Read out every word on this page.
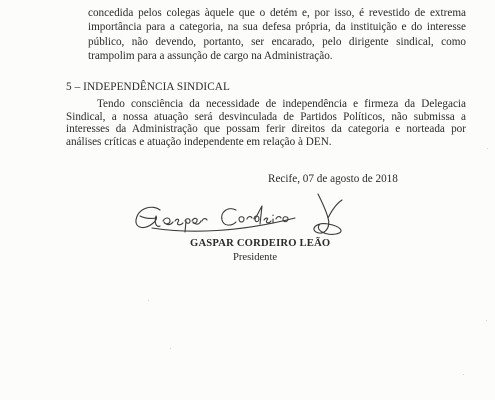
concedida pelos colegas àquele que o detém e, por isso, é revestido de extrema importância para a categoria, na sua defesa própria, da instituição e do interesse público, não devendo, portanto, ser encarado, pelo dirigente sindical, como trampolim para a assunção de cargo na Administração.

5 – INDEPENDÊNCIA SINDICAL

Tendo consciência da necessidade de independência e firmeza da Delegacia Sindical, a nossa atuação será desvinculada de Partidos Políticos, não submissa a interesses da Administração que possam ferir direitos da categoria e norteada por análises críticas e atuação independente em relação à DEN.

Recife, 07 de agosto de 2018

GASPAR CORDEIRO LEÃO

Presidente
